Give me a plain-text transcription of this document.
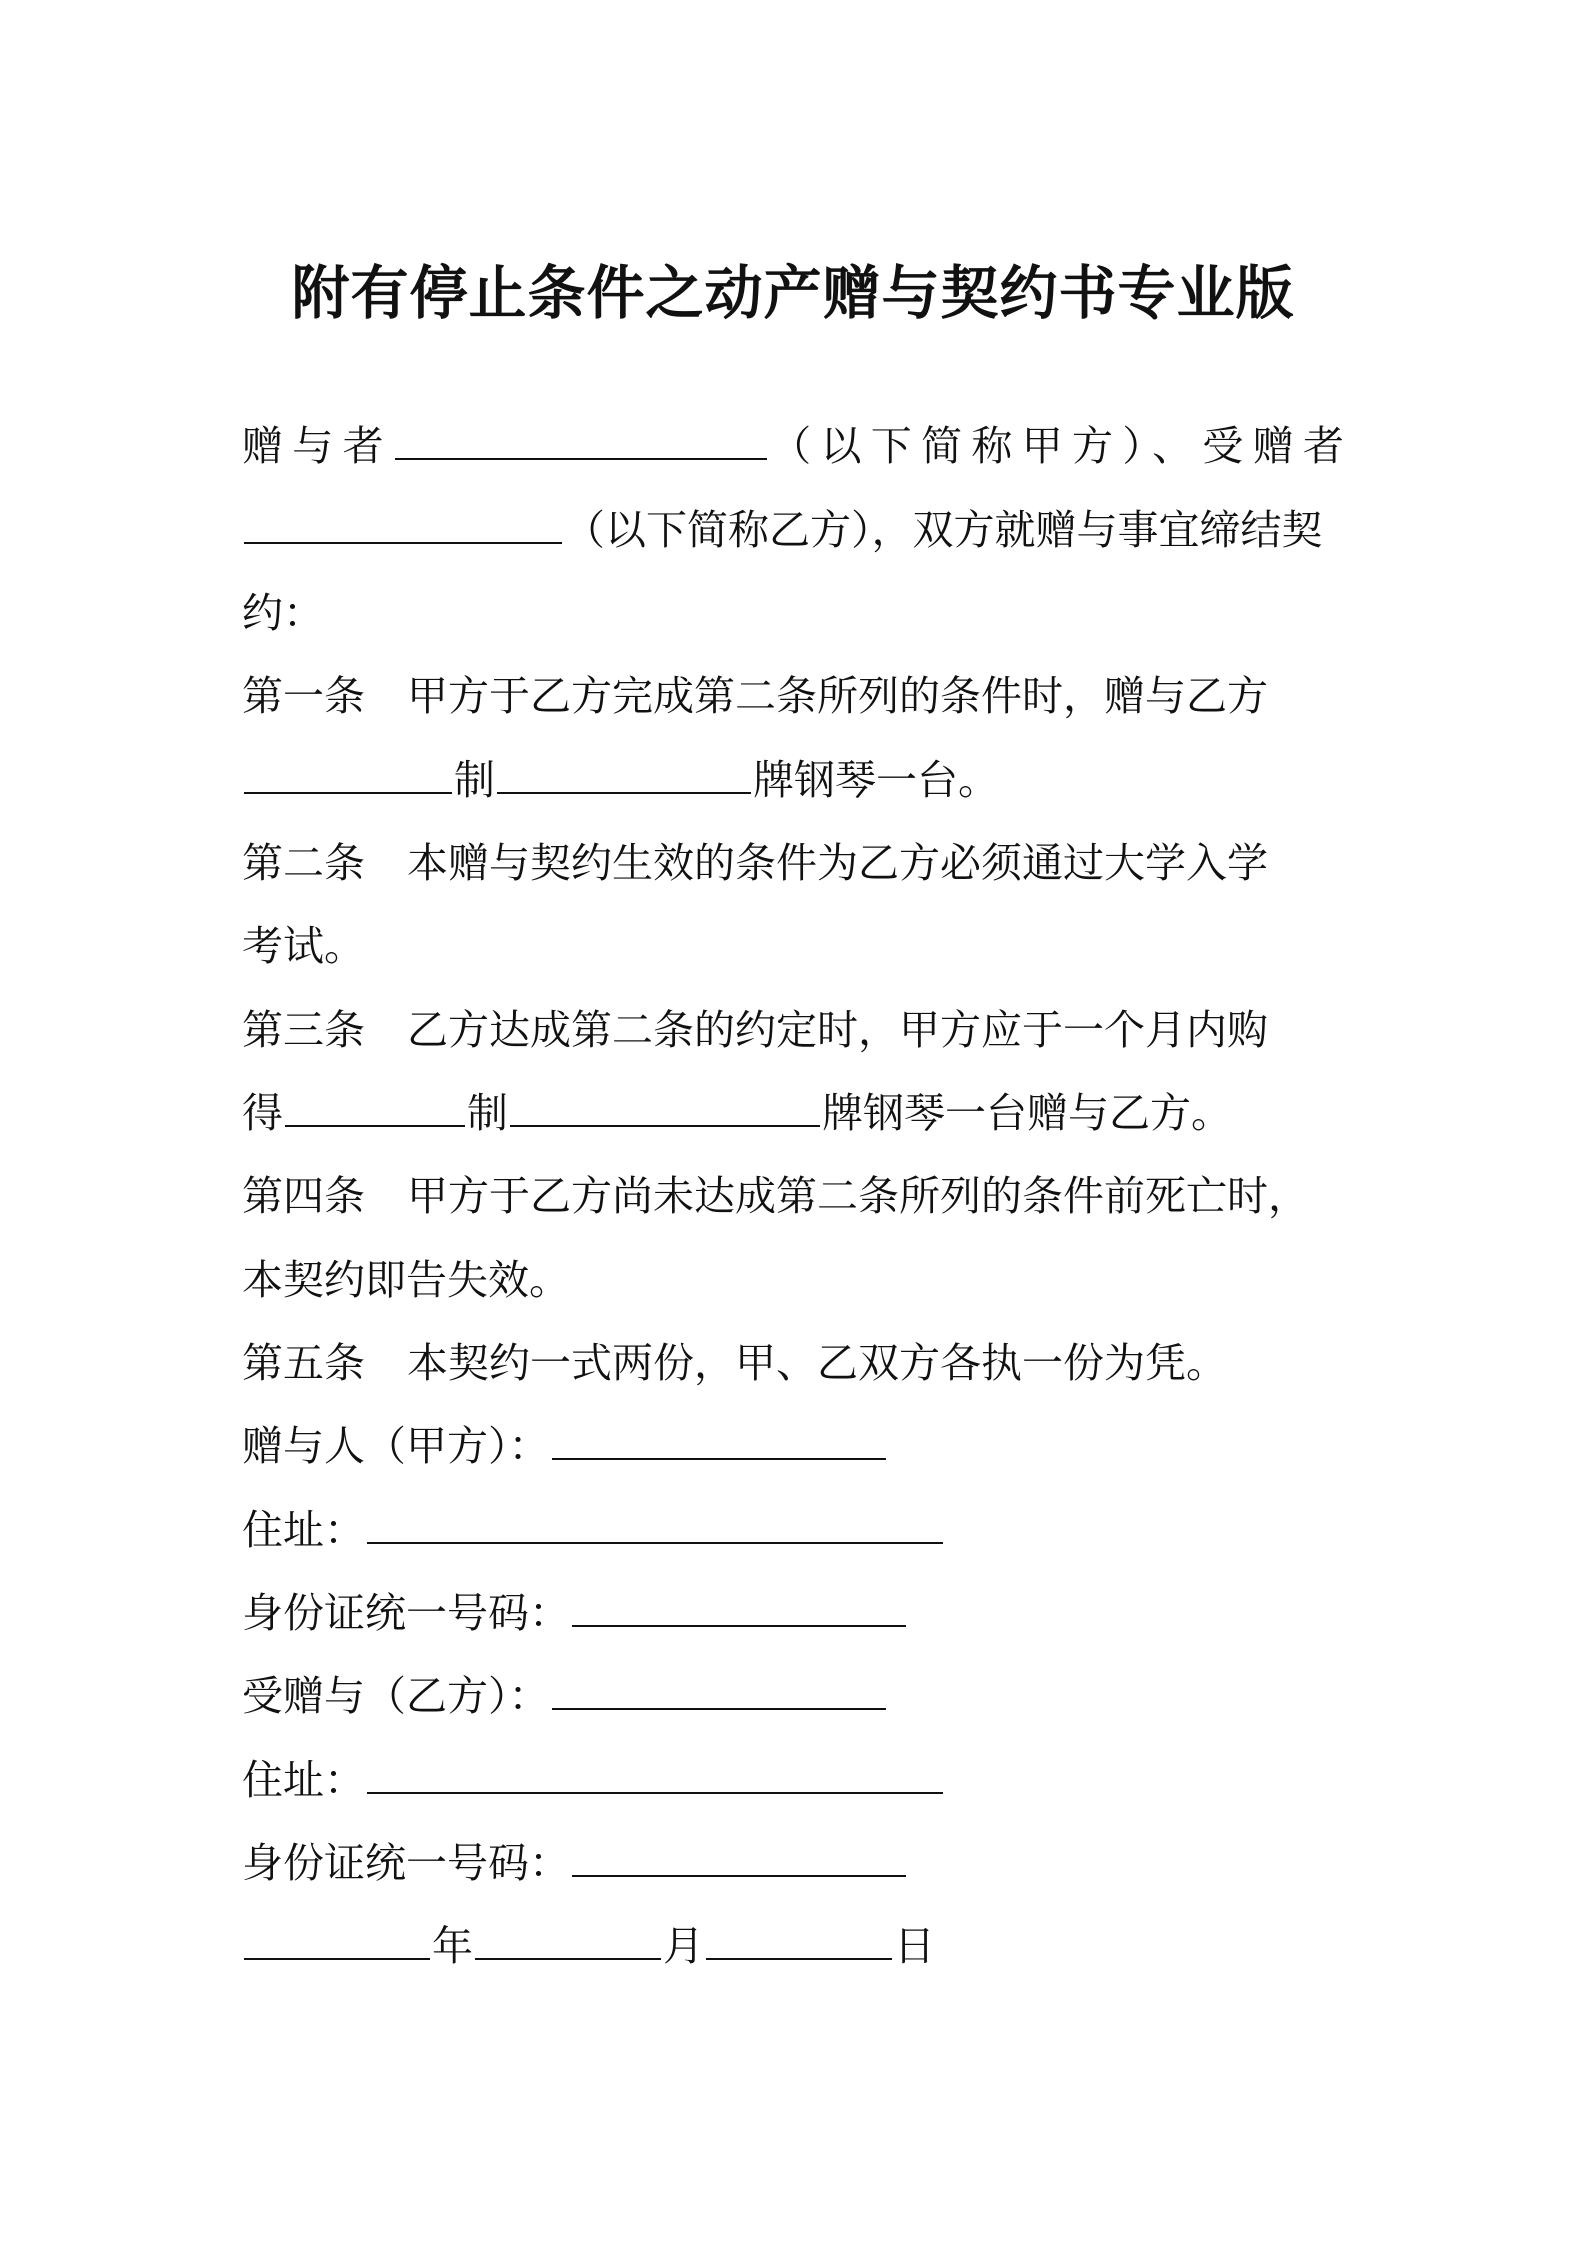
附有停止条件之动产赠与契约书专业版
赠与者	（以下简称甲方）、受赠者
（以下简称乙方），双方就赠与事宜缔结契
约：
第一条 甲方于乙方完成第二条所列的条件时，赠与乙方
制	牌钢琴一台。
第二条 本赠与契约生效的条件为乙方必须通过大学入学
考试。
第三条 乙方达成第二条的约定时，甲方应于一个月内购
得	制	牌钢琴一台赠与乙方。
第四条 甲方于乙方尚未达成第二条所列的条件前死亡时，
本契约即告失效。
第五条 本契约一式两份，甲、乙双方各执一份为凭。
赠与人（甲方）：
住址：
身份证统一号码：
受赠与（乙方）：
住址：
身份证统一号码：
年	月	日
